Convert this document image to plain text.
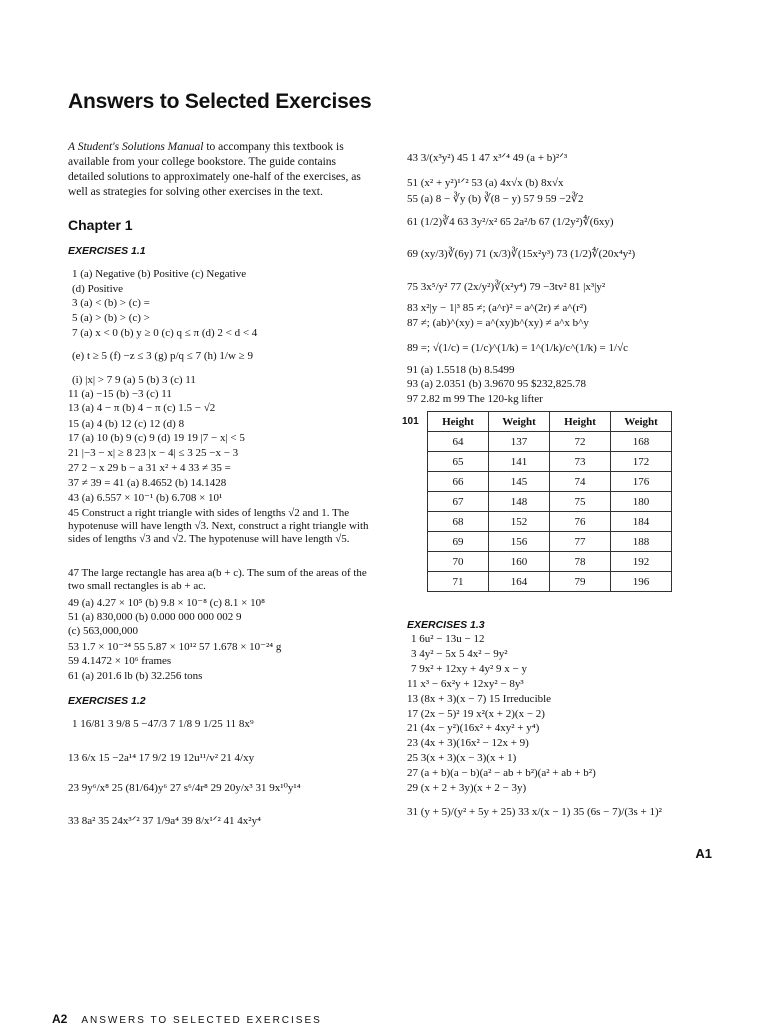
Answers to Selected Exercises
A Student's Solutions Manual to accompany this textbook is available from your college bookstore. The guide contains detailed solutions to approximately one-half of the exercises, as well as strategies for solving other exercises in the text.
Chapter 1
EXERCISES 1.1
1 (a) Negative (b) Positive (c) Negative
(d) Positive
3 (a) < (b) > (c) =
5 (a) > (b) > (c) >
7 (a) x < 0 (b) y ≥ 0 (c) q ≤ π (d) 2 < d < 4
(e) t ≥ 5 (f) −z ≤ 3 (g) p/q ≤ 7 (h) 1/w ≥ 9
(i) |x| > 7 9 (a) 5 (b) 3 (c) 11
11 (a) −15 (b) −3 (c) 11
13 (a) 4 − π (b) 4 − π (c) 1.5 − √2
15 (a) 4 (b) 12 (c) 12 (d) 8
17 (a) 10 (b) 9 (c) 9 (d) 19 19 |7 − x| < 5
21 |−3 − x| ≥ 8 23 |x − 4| ≤ 3 25 −x − 3
27 2 − x 29 b − a 31 x² + 4 33 ≠ 35 =
37 ≠ 39 = 41 (a) 8.4652 (b) 14.1428
43 (a) 6.557 × 10⁻¹ (b) 6.708 × 10¹
45 Construct a right triangle with sides of lengths √2 and 1. The hypotenuse will have length √3. Next, construct a right triangle with sides of lengths √3 and √2. The hypotenuse will have length √5.
47 The large rectangle has area a(b + c). The sum of the areas of the two small rectangles is ab + ac.
49 (a) 4.27 × 10⁵ (b) 9.8 × 10⁻⁸ (c) 8.1 × 10⁸
51 (a) 830,000 (b) 0.000 000 000 002 9
(c) 563,000,000
53 1.7 × 10⁻²⁴ 55 5.87 × 10¹² 57 1.678 × 10⁻²⁴ g
59 4.1472 × 10⁶ frames
61 (a) 201.6 lb (b) 32.256 tons
EXERCISES 1.2
1 16/81 3 9/8 5 −47/3 7 1/8 9 1/25 11 8x⁹
13 6/x 15 −2a¹⁴ 17 9/2 19 12u¹¹/v² 21 4/xy
23 9y⁶/x⁸ 25 (81/64)y⁶ 27 s⁶/4r⁸ 29 20y/x³ 31 9x¹⁰y¹⁴
33 8a² 35 24x³ᐟ² 37 1/9a⁴ 39 8/x¹ᐟ² 41 4x²y⁴
43 3/(x³y²) 45 1 47 x³ᐟ⁴ 49 (a + b)²ᐟ³
51 (x² + y²)¹ᐟ² 53 (a) 4x√x (b) 8x√x
55 (a) 8 − ∛y (b) ∛(8 − y) 57 9 59 −2∛2
61 (1/2)∛4 63 3y²/x² 65 2a²/b 67 (1/2y²)∜(6xy)
69 (xy/3)∛(6y) 71 (x/3)∛(15x²y³) 73 (1/2)∜(20x⁴y²)
75 3x⁵/y² 77 (2x/y²)∛(x²y⁴) 79 −3tv² 81 |x³|y²
83 x²|y − 1|³ 85 ≠; (a^r)² = a^(2r) ≠ a^(r²)
87 ≠; (ab)^(xy) = a^(xy)b^(xy) ≠ a^x b^y
89 =; √(1/c) = (1/c)^(1/k) = 1^(1/k)/c^(1/k) = 1/√c
91 (a) 1.5518 (b) 8.5499
93 (a) 2.0351 (b) 3.9670 95 $232,825.78
97 2.82 m 99 The 120-kg lifter
101 Height	Weight	Height	Weight
64	137	72	168
65	141	73	172
66	145	74	176
67	148	75	180
68	152	76	184
69	156	77	188
70	160	78	192
71	164	79	196
EXERCISES 1.3
1 6u² − 13u − 12
3 4y² − 5x 5 4x² − 9y²
7 9x² + 12xy + 4y² 9 x − y
11 x³ − 6x²y + 12xy² − 8y³
13 (8x + 3)(x − 7) 15 Irreducible
17 (2x − 5)² 19 x²(x + 2)(x − 2)
21 (4x − y²)(16x² + 4xy² + y⁴)
23 (4x + 3)(16x² − 12x + 9)
25 3(x + 3)(x − 3)(x + 1)
27 (a + b)(a − b)(a² − ab + b²)(a² + ab + b²)
29 (x + 2 + 3y)(x + 2 − 3y)
31 (y + 5)/(y² + 5y + 25) 33 x/(x − 1) 35 (6s − 7)/(3s + 1)²
A1
A2 ANSWERS TO SELECTED EXERCISES
